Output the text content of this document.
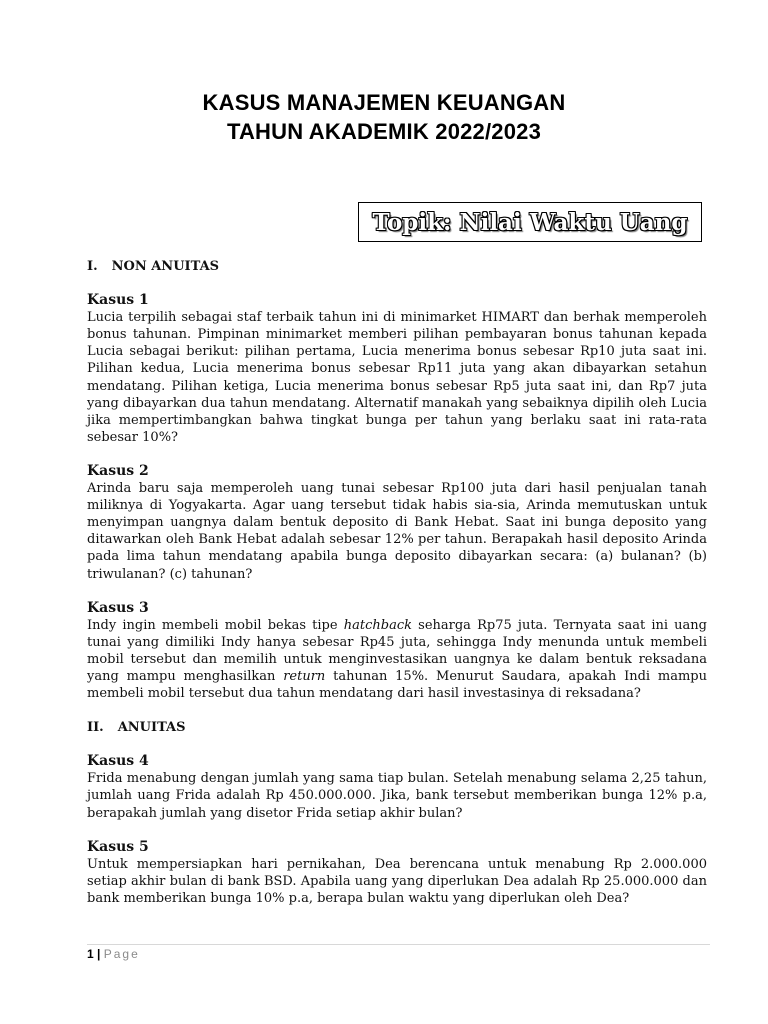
KASUS MANAJEMEN KEUANGAN
TAHUN AKADEMIK 2022/2023
Topik: Nilai Waktu Uang
I. NON ANUITAS
Kasus 1

Lucia terpilih sebagai staf terbaik tahun ini di minimarket HIMART dan berhak memperoleh bonus tahunan. Pimpinan minimarket memberi pilihan pembayaran bonus tahunan kepada Lucia sebagai berikut: pilihan pertama, Lucia menerima bonus sebesar Rp10 juta saat ini. Pilihan kedua, Lucia menerima bonus sebesar Rp11 juta yang akan dibayarkan setahun mendatang. Pilihan ketiga, Lucia menerima bonus sebesar Rp5 juta saat ini, dan Rp7 juta yang dibayarkan dua tahun mendatang. Alternatif manakah yang sebaiknya dipilih oleh Lucia jika mempertimbangkan bahwa tingkat bunga per tahun yang berlaku saat ini rata-rata sebesar 10%?

Kasus 2

Arinda baru saja memperoleh uang tunai sebesar Rp100 juta dari hasil penjualan tanah miliknya di Yogyakarta. Agar uang tersebut tidak habis sia-sia, Arinda memutuskan untuk menyimpan uangnya dalam bentuk deposito di Bank Hebat. Saat ini bunga deposito yang ditawarkan oleh Bank Hebat adalah sebesar 12% per tahun. Berapakah hasil deposito Arinda pada lima tahun mendatang apabila bunga deposito dibayarkan secara: (a) bulanan? (b) triwulanan? (c) tahunan?

Kasus 3

Indy ingin membeli mobil bekas tipe hatchback seharga Rp75 juta. Ternyata saat ini uang tunai yang dimiliki Indy hanya sebesar Rp45 juta, sehingga Indy menunda untuk membeli mobil tersebut dan memilih untuk menginvestasikan uangnya ke dalam bentuk reksadana yang mampu menghasilkan return tahunan 15%. Menurut Saudara, apakah Indi mampu membeli mobil tersebut dua tahun mendatang dari hasil investasinya di reksadana?

II. ANUITAS
Kasus 4

Frida menabung dengan jumlah yang sama tiap bulan. Setelah menabung selama 2,25 tahun, jumlah uang Frida adalah Rp 450.000.000. Jika, bank tersebut memberikan bunga 12% p.a, berapakah jumlah yang disetor Frida setiap akhir bulan?

Kasus 5

Untuk mempersiapkan hari pernikahan, Dea berencana untuk menabung Rp 2.000.000 setiap akhir bulan di bank BSD. Apabila uang yang diperlukan Dea adalah Rp 25.000.000 dan bank memberikan bunga 10% p.a, berapa bulan waktu yang diperlukan oleh Dea?

1 | Page
